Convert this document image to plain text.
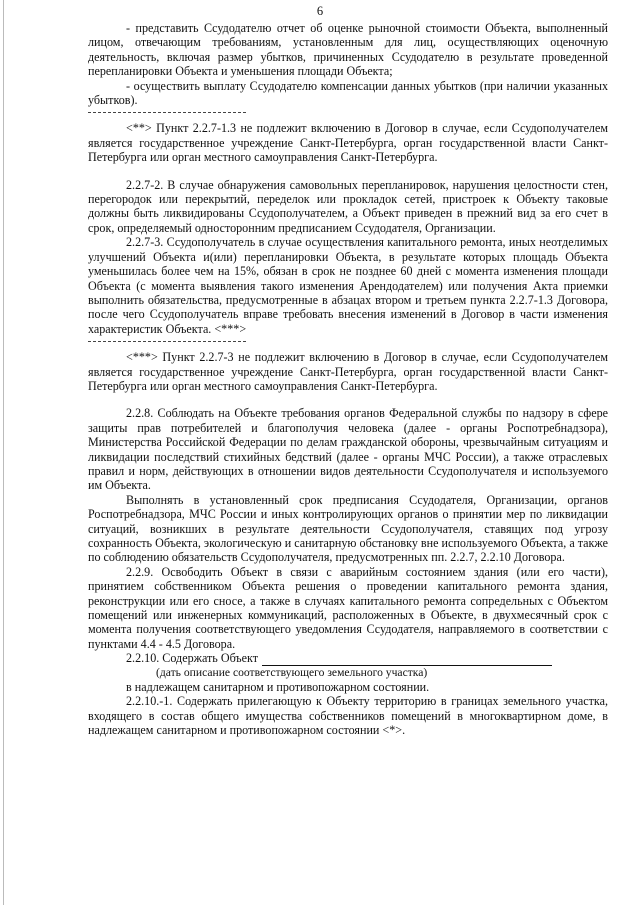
6

- представить Ссудодателю отчет об оценке рыночной стоимости Объекта, выполненный лицом, отвечающим требованиям, установленным для лиц, осуществляющих оценочную деятельность, включая размер убытков, причиненных Ссудодателю в результате проведенной перепланировки Объекта и уменьшения площади Объекта;

- осуществить выплату Ссудодателю компенсации данных убытков (при наличии указанных убытков).

<**> Пункт 2.2.7-1.3 не подлежит включению в Договор в случае, если Ссудополучателем является государственное учреждение Санкт-Петербурга, орган государственной власти Санкт-Петербурга или орган местного самоуправления Санкт-Петербурга.

2.2.7-2. В случае обнаружения самовольных перепланировок, нарушения целостности стен, перегородок или перекрытий, переделок или прокладок сетей, пристроек к Объекту таковые должны быть ликвидированы Ссудополучателем, а Объект приведен в прежний вид за его счет в срок, определяемый односторонним предписанием Ссудодателя, Организации.

2.2.7-3. Ссудополучатель в случае осуществления капитального ремонта, иных неотделимых улучшений Объекта и(или) перепланировки Объекта, в результате которых площадь Объекта уменьшилась более чем на 15%, обязан в срок не позднее 60 дней с момента изменения площади Объекта (с момента выявления такого изменения Арендодателем) или получения Акта приемки выполнить обязательства, предусмотренные в абзацах втором и третьем пункта 2.2.7-1.3 Договора, после чего Ссудополучатель вправе требовать внесения изменений в Договор в части изменения характеристик Объекта. <***>

<***> Пункт 2.2.7-3 не подлежит включению в Договор в случае, если Ссудополучателем является государственное учреждение Санкт-Петербурга, орган государственной власти Санкт-Петербурга или орган местного самоуправления Санкт-Петербурга.

2.2.8. Соблюдать на Объекте требования органов Федеральной службы по надзору в сфере защиты прав потребителей и благополучия человека (далее - органы Роспотребнадзора), Министерства Российской Федерации по делам гражданской обороны, чрезвычайным ситуациям и ликвидации последствий стихийных бедствий (далее - органы МЧС России), а также отраслевых правил и норм, действующих в отношении видов деятельности Ссудополучателя и используемого им Объекта.

Выполнять в установленный срок предписания Ссудодателя, Организации, органов Роспотребнадзора, МЧС России и иных контролирующих органов о принятии мер по ликвидации ситуаций, возникших в результате деятельности Ссудополучателя, ставящих под угрозу сохранность Объекта, экологическую и санитарную обстановку вне используемого Объекта, а также по соблюдению обязательств Ссудополучателя, предусмотренных пп. 2.2.7, 2.2.10 Договора.

2.2.9. Освободить Объект в связи с аварийным состоянием здания (или его части), принятием собственником Объекта решения о проведении капитального ремонта здания, реконструкции или его сносе, а также в случаях капитального ремонта сопредельных с Объектом помещений или инженерных коммуникаций, расположенных в Объекте, в двухмесячный срок с момента получения соответствующего уведомления Ссудодателя, направляемого в соответствии с пунктами 4.4 - 4.5 Договора.

2.2.10. Содержать Объект

(дать описание соответствующего земельного участка)

в надлежащем санитарном и противопожарном состоянии.

2.2.10.-1. Содержать прилегающую к Объекту территорию в границах земельного участка, входящего в состав общего имущества собственников помещений в многоквартирном доме, в надлежащем санитарном и противопожарном состоянии <*>.
